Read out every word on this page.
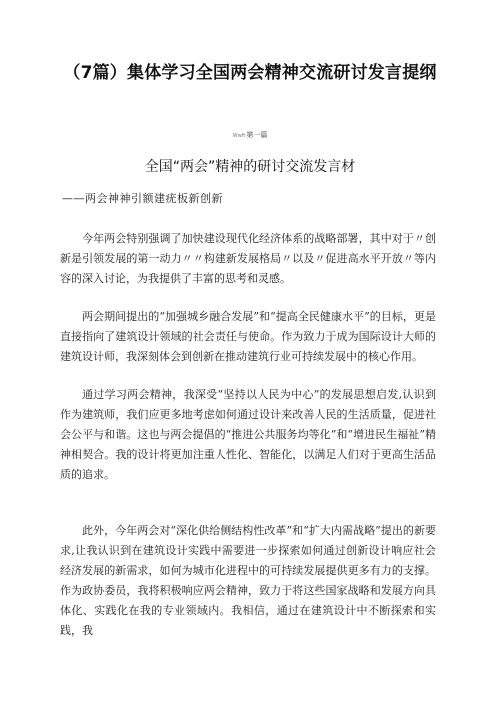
（7篇）集体学习全国两会精神交流研讨发言提纲
Wwft第一篇
全国“两会”精神的研讨交流发言材
——两会神神引额建疣板新创新

今年两会特别强调了加快建设现代化经济体系的战略部署，其中对于〃创新是引领发展的第一动力〃〃构建新发展格局〃以及〃促进高水平开放〃等内容的深入讨论，为我提供了丰富的思考和灵感。

两会期间提出的“加强城乡融合发展”和“提高全民健康水平”的目标，更是直接指向了建筑设计领域的社会责任与使命。作为致力于成为国际设计大师的建筑设计师，我深刻体会到创新在推动建筑行业可持续发展中的核心作用。

通过学习两会精神，我深受“坚持以人民为中心”的发展思想启发,认识到作为建筑师，我们应更多地考虑如何通过设计来改善人民的生活质量，促进社会公平与和谐。这也与两会提倡的“推进公共服务均等化”和“增进民生福祉”精神相契合。我的设计将更加注重人性化、智能化，以满足人们对于更高生活品质的追求。

此外，今年两会对“深化供给侧结构性改革”和“扩大内需战略”提出的新要求,让我认识到在建筑设计实践中需要进一步探索如何通过创新设计响应社会经济发展的新需求，如何为城市化进程中的可持续发展提供更多有力的支撑。作为政协委员，我将积极响应两会精神，致力于将这些国家战略和发展方向具体化、实践化在我的专业领域内。我相信，通过在建筑设计中不断探索和实践，我
